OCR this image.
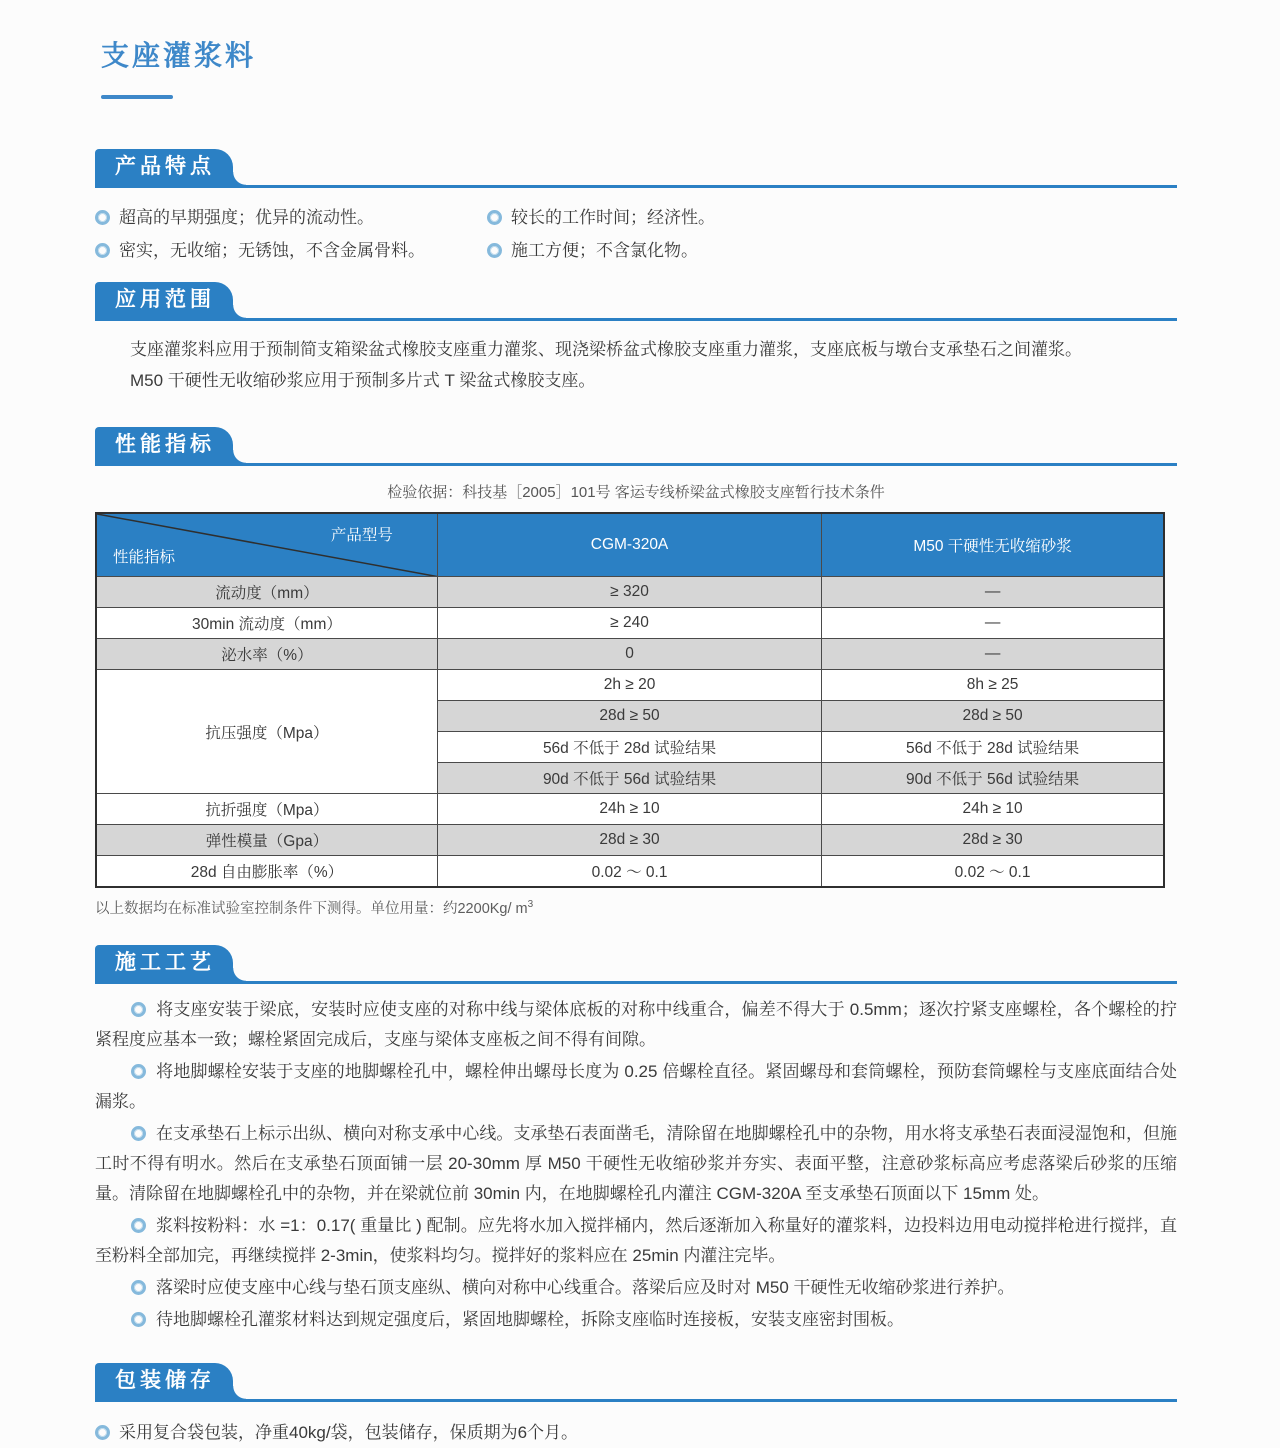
支座灌浆料
产品特点
超高的早期强度；优异的流动性。
密实，无收缩；无锈蚀，不含金属骨料。
较长的工作时间；经济性。
施工方便；不含氯化物。
应用范围
支座灌浆料应用于预制简支箱梁盆式橡胶支座重力灌浆、现浇梁桥盆式橡胶支座重力灌浆，支座底板与墩台支承垫石之间灌浆。
M50 干硬性无收缩砂浆应用于预制多片式 T 梁盆式橡胶支座。
性能指标
检验依据：科技基［2005］101号 客运专线桥梁盆式橡胶支座暂行技术条件
产品型号
性能指标	CGM-320A	M50 干硬性无收缩砂浆
流动度（mm）	≥ 320	—
30min 流动度（mm）	≥ 240	—
泌水率（%）	0	—
抗压强度（Mpa）	2h ≥ 20	8h ≥ 25
	28d ≥ 50	28d ≥ 50
	56d 不低于 28d 试验结果	56d 不低于 28d 试验结果
	90d 不低于 56d 试验结果	90d 不低于 56d 试验结果
抗折强度（Mpa）	24h ≥ 10	24h ≥ 10
弹性模量（Gpa）	28d ≥ 30	28d ≥ 30
28d 自由膨胀率（%）	0.02 ～ 0.1	0.02 ～ 0.1
以上数据均在标准试验室控制条件下测得。单位用量：约2200Kg/ $m^3$
施工工艺

将支座安装于梁底，安装时应使支座的对称中线与梁体底板的对称中线重合，偏差不得大于 0.5mm；逐次拧紧支座螺栓，各个螺栓的拧紧程度应基本一致；螺栓紧固完成后，支座与梁体支座板之间不得有间隙。

将地脚螺栓安装于支座的地脚螺栓孔中，螺栓伸出螺母长度为 0.25 倍螺栓直径。紧固螺母和套筒螺栓，预防套筒螺栓与支座底面结合处漏浆。

在支承垫石上标示出纵、横向对称支承中心线。支承垫石表面凿毛，清除留在地脚螺栓孔中的杂物，用水将支承垫石表面浸湿饱和，但施工时不得有明水。然后在支承垫石顶面铺一层 20-30mm 厚 M50 干硬性无收缩砂浆并夯实、表面平整，注意砂浆标高应考虑落梁后砂浆的压缩量。清除留在地脚螺栓孔中的杂物，并在梁就位前 30min 内，在地脚螺栓孔内灌注 CGM-320A 至支承垫石顶面以下 15mm 处。

浆料按粉料：水 =1：0.17( 重量比 ) 配制。应先将水加入搅拌桶内，然后逐渐加入称量好的灌浆料，边投料边用电动搅拌枪进行搅拌，直至粉料全部加完，再继续搅拌 2-3min，使浆料均匀。搅拌好的浆料应在 25min 内灌注完毕。

落梁时应使支座中心线与垫石顶支座纵、横向对称中心线重合。落梁后应及时对 M50 干硬性无收缩砂浆进行养护。

待地脚螺栓孔灌浆材料达到规定强度后，紧固地脚螺栓，拆除支座临时连接板，安装支座密封围板。

包装储存
采用复合袋包装，净重40kg/袋，包装储存，保质期为6个月。
